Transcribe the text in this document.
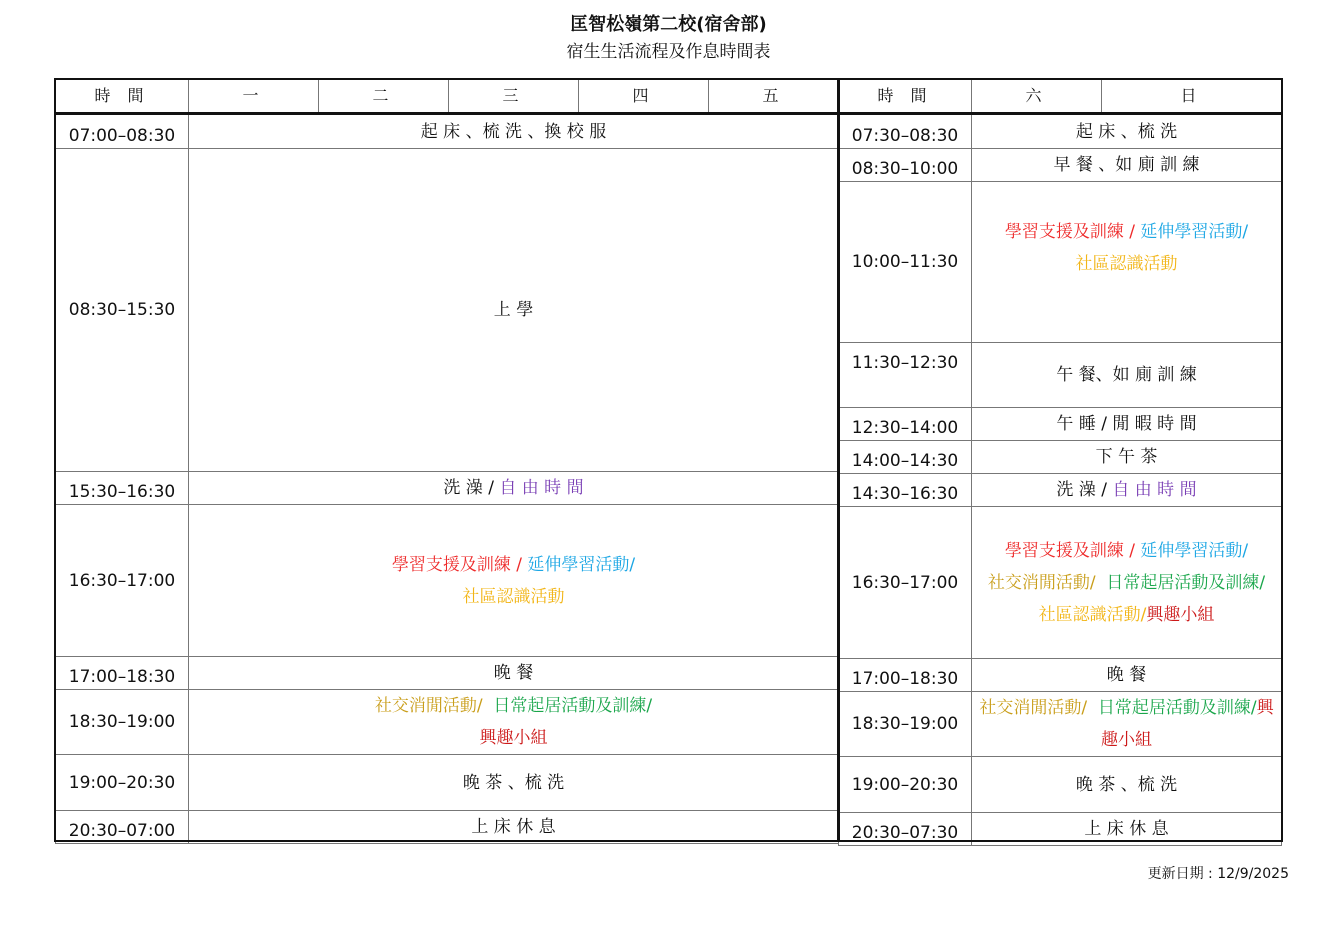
匡智松嶺第二校(宿舍部)
宿生生活流程及作息時間表
時 間	一	二	三	四	五
07:00–08:30	起 床 、梳 洗 、換 校 服				
08:30–15:30	上 學				
15:30–16:30	洗 澡 / 自 由 時 間				
16:30–17:00	學習支援及訓練 / 延伸學習活動/
社區認識活動				
17:00–18:30	晚 餐				
18:30–19:00	社交消閒活動/ 日常起居活動及訓練/
興趣小組				
19:00–20:30	晚 茶 、梳 洗				
20:30–07:00	上 床 休 息				
時 間	六	日
07:30–08:30	起 床 、梳 洗	
08:30–10:00	早 餐 、如 廁 訓 練	
10:00–11:30	學習支援及訓練 / 延伸學習活動/
社區認識活動	
11:30–12:30	午 餐、如 廁 訓 練	
12:30–14:00	午 睡 / 閒 暇 時 間	
14:00–14:30	下 午 茶	
14:30–16:30	洗 澡 / 自 由 時 間	
16:30–17:00	學習支援及訓練 / 延伸學習活動/
社交消閒活動/ 日常起居活動及訓練/
社區認識活動/興趣小組	
17:00–18:30	晚 餐	
18:30–19:00	社交消閒活動/ 日常起居活動及訓練/興趣小組	
19:00–20:30	晚 茶 、梳 洗	
20:30–07:30	上 床 休 息	
更新日期 : 12/9/2025
